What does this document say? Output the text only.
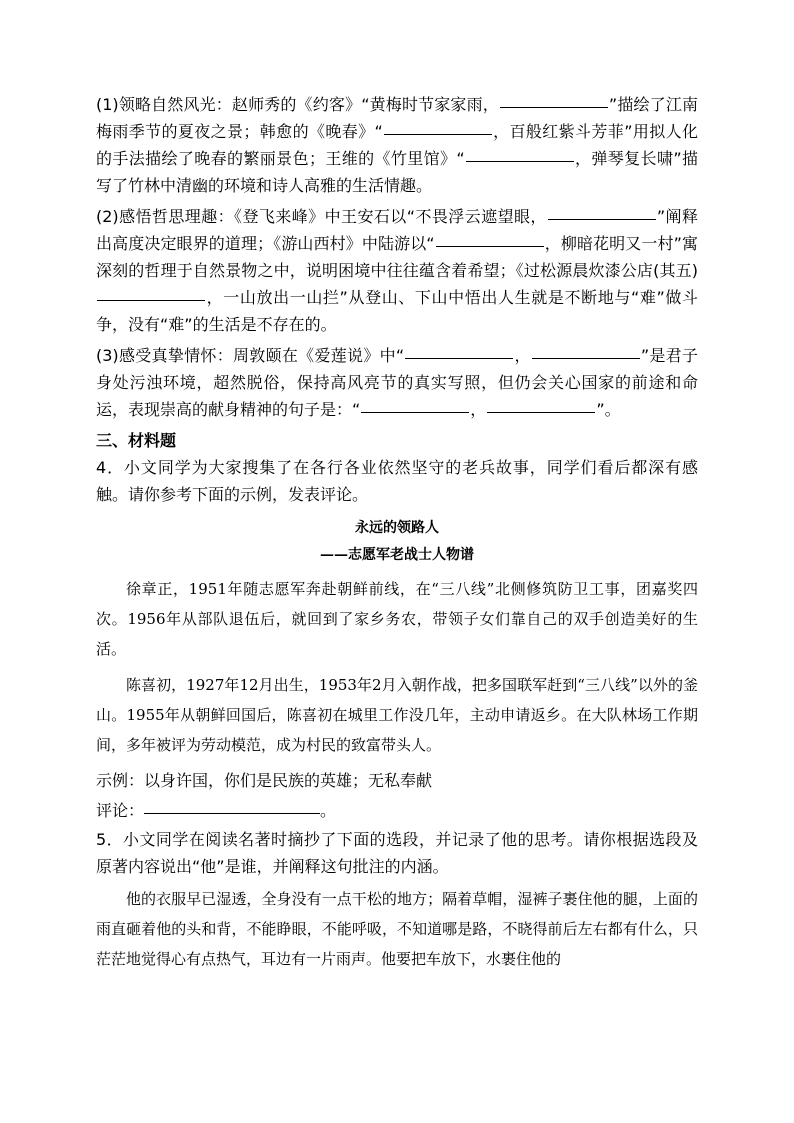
(1)领略自然风光：赵师秀的《约客》“黄梅时节家家雨，	”描绘了江南梅雨季节的夏夜之景；韩愈的《晚春》“	，百般红紫斗芳菲”用拟人化的手法描绘了晚春的繁丽景色；王维的《竹里馆》“	，弹琴复长啸”描写了竹林中清幽的环境和诗人高雅的生活情趣。

(2)感悟哲思理趣：《登飞来峰》中王安石以“不畏浮云遮望眼，	”阐释出高度决定眼界的道理；《游山西村》中陆游以“	，柳暗花明又一村”寓深刻的哲理于自然景物之中，说明困境中往往蕴含着希望；《过松源晨炊漆公店(其五)，一山放出一山拦”从登山、下山中悟出人生就是不断地与“难”做斗争，没有“难”的生活是不存在的。

(3)感受真挚情怀：周敦颐在《爱莲说》中“	，	”是君子身处污浊环境，超然脱俗，保持高风亮节的真实写照，但仍会关心国家的前途和命运，表现崇高的献身精神的句子是：“	，	”。

三、材料题

4．小文同学为大家搜集了在各行各业依然坚守的老兵故事，同学们看后都深有感触。请你参考下面的示例，发表评论。

永远的领路人

——志愿军老战士人物谱

徐章正，1951年随志愿军奔赴朝鲜前线，在“三八线”北侧修筑防卫工事，团嘉奖四次。1956年从部队退伍后，就回到了家乡务农，带领子女们靠自己的双手创造美好的生活。

陈喜初，1927年12月出生，1953年2月入朝作战，把多国联军赶到“三八线”以外的釜山。1955年从朝鲜回国后，陈喜初在城里工作没几年，主动申请返乡。在大队林场工作期间，多年被评为劳动模范，成为村民的致富带头人。

示例：以身许国，你们是民族的英雄；无私奉献

评论：	。

5．小文同学在阅读名著时摘抄了下面的选段，并记录了他的思考。请你根据选段及原著内容说出“他”是谁，并阐释这句批注的内涵。

他的衣服早已湿透，全身没有一点干松的地方；隔着草帽，湿裤子裹住他的腿，上面的雨直砸着他的头和背，不能睁眼，不能呼吸，不知道哪是路，不晓得前后左右都有什么，只茫茫地觉得心有点热气，耳边有一片雨声。他要把车放下，水裹住他的
